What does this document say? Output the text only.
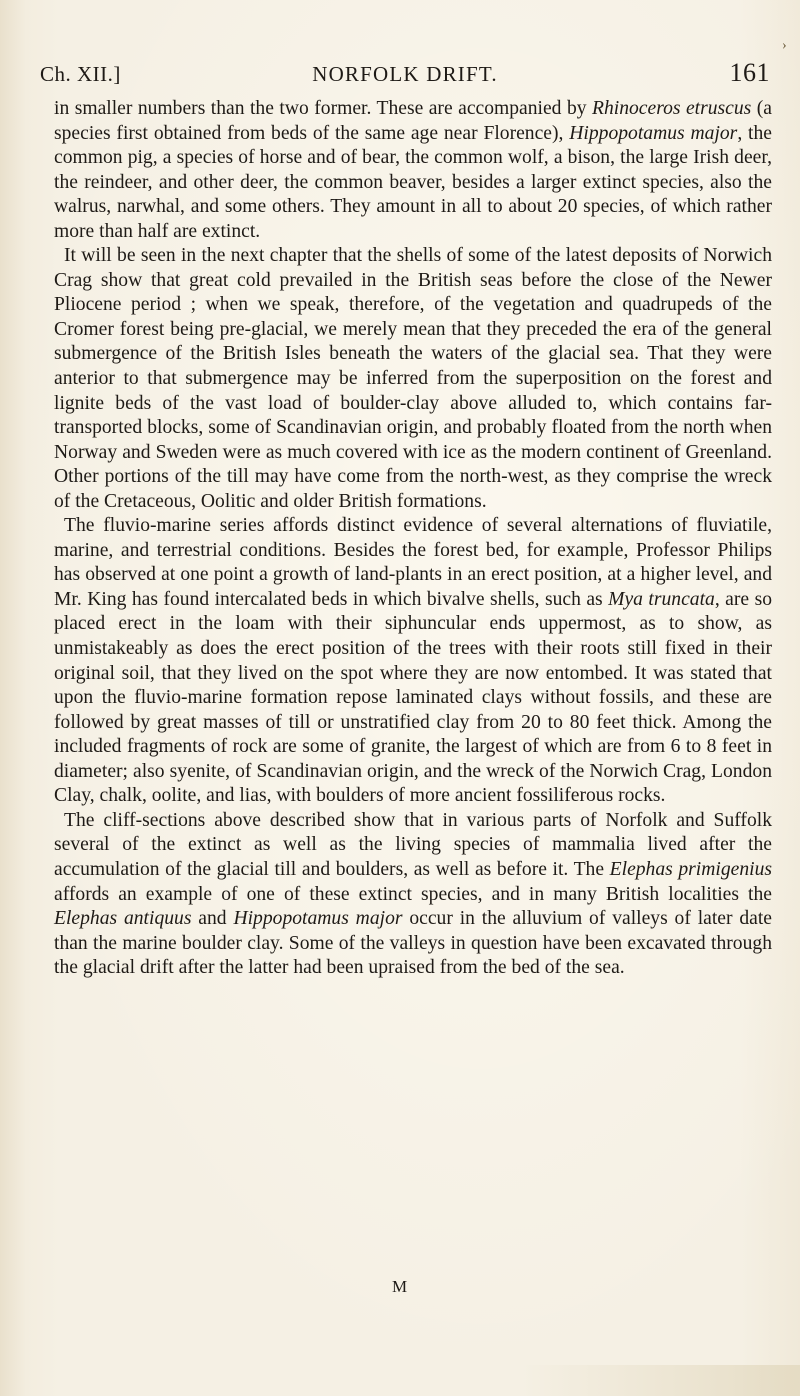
›
Ch. XII.]	NORFOLK DRIFT.	161

in smaller numbers than the two former. These are accompanied by Rhinoceros etruscus (a species first obtained from beds of the same age near Florence), Hippopotamus major, the common pig, a species of horse and of bear, the common wolf, a bison, the large Irish deer, the reindeer, and other deer, the common beaver, besides a larger extinct species, also the walrus, narwhal, and some others. They amount in all to about 20 species, of which rather more than half are extinct.

It will be seen in the next chapter that the shells of some of the latest deposits of Norwich Crag show that great cold prevailed in the British seas before the close of the Newer Pliocene period ; when we speak, therefore, of the vegetation and quadrupeds of the Cromer forest being pre-glacial, we merely mean that they preceded the era of the general submergence of the British Isles beneath the waters of the glacial sea. That they were anterior to that submergence may be inferred from the superposition on the forest and lignite beds of the vast load of boulder-clay above alluded to, which contains far-transported blocks, some of Scandinavian origin, and probably floated from the north when Norway and Sweden were as much covered with ice as the modern continent of Greenland. Other portions of the till may have come from the north-west, as they comprise the wreck of the Cretaceous, Oolitic and older British formations.

The fluvio-marine series affords distinct evidence of several alternations of fluviatile, marine, and terrestrial conditions. Besides the forest bed, for example, Professor Philips has observed at one point a growth of land-plants in an erect position, at a higher level, and Mr. King has found intercalated beds in which bivalve shells, such as Mya truncata, are so placed erect in the loam with their siphuncular ends uppermost, as to show, as unmistakeably as does the erect position of the trees with their roots still fixed in their original soil, that they lived on the spot where they are now entombed. It was stated that upon the fluvio-marine formation repose laminated clays without fossils, and these are followed by great masses of till or unstratified clay from 20 to 80 feet thick. Among the included fragments of rock are some of granite, the largest of which are from 6 to 8 feet in diameter; also syenite, of Scandinavian origin, and the wreck of the Norwich Crag, London Clay, chalk, oolite, and lias, with boulders of more ancient fossiliferous rocks.

The cliff-sections above described show that in various parts of Norfolk and Suffolk several of the extinct as well as the living species of mammalia lived after the accumulation of the glacial till and boulders, as well as before it. The Elephas primigenius affords an example of one of these extinct species, and in many British localities the Elephas antiquus and Hippopotamus major occur in the alluvium of valleys of later date than the marine boulder clay. Some of the valleys in question have been excavated through the glacial drift after the latter had been upraised from the bed of the sea.

M
